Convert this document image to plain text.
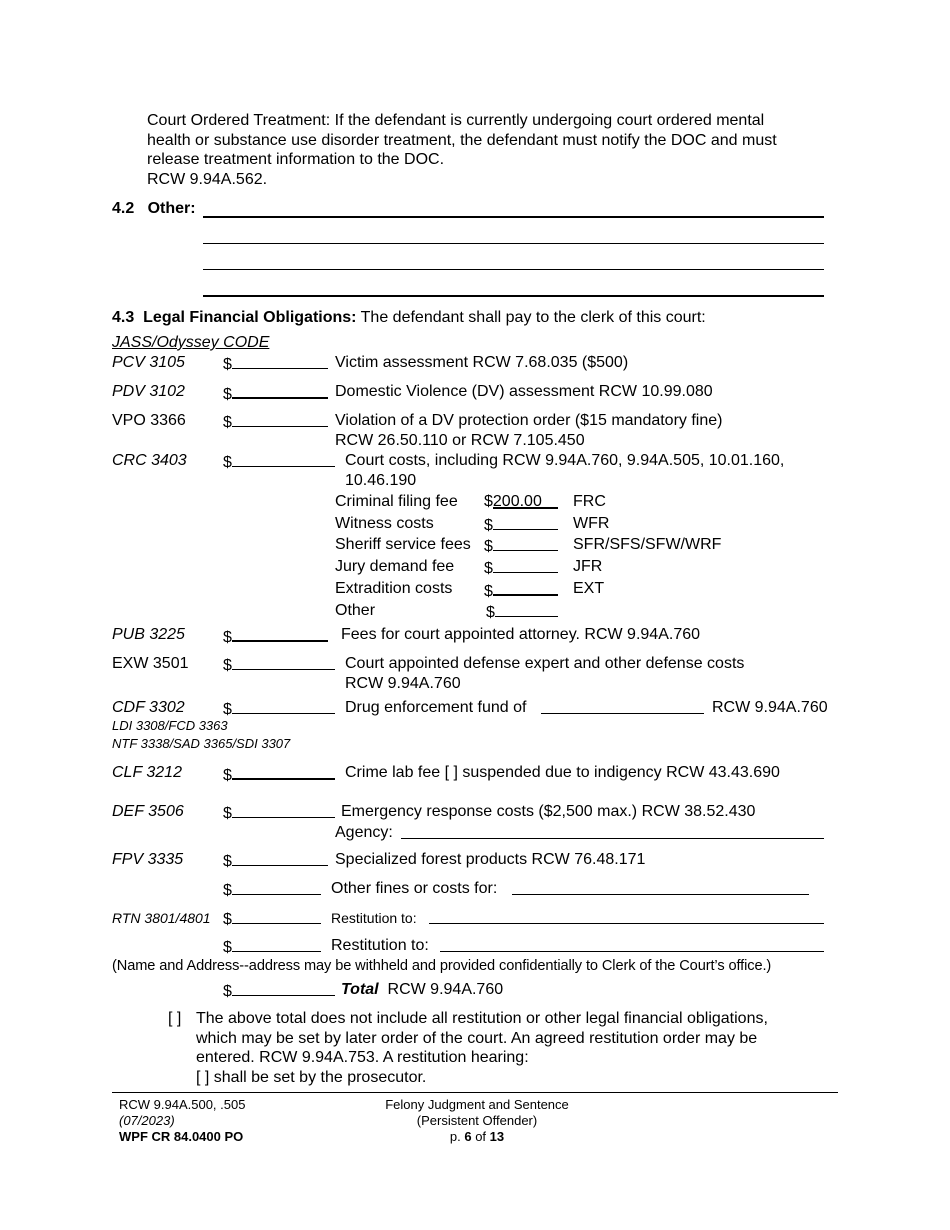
Court Ordered Treatment: If the defendant is currently undergoing court ordered mental
health or substance use disorder treatment, the defendant must notify the DOC and must
release treatment information to the DOC.
RCW 9.94A.562.
4.2 Other:
4.3 Legal Financial Obligations: The defendant shall pay to the clerk of this court:
JASS/Odyssey CODE
PCV 3105 $	Victim assessment RCW 7.68.035 ($500)
PDV 3102 $	Domestic Violence (DV) assessment RCW 10.99.080
VPO 3366 $	Violation of a DV protection order ($15 mandatory fine)
RCW 26.50.110 or RCW 7.105.450
CRC 3403 $	Court costs, including RCW 9.94A.760, 9.94A.505, 10.01.160,
10.46.190
Criminal filing fee $200.00	FRC
Witness costs	$	WFR
Sheriff service fees $	SFR/SFS/SFW/WRF
Jury demand fee $	JFR
Extradition costs $	EXT
Other	$
PUB 3225 $	Fees for court appointed attorney. RCW 9.94A.760
EXW 3501 $	Court appointed defense expert and other defense costs
RCW 9.94A.760
CDF 3302 $	Drug enforcement fund of	RCW 9.94A.760
LDI 3308/FCD 3363
NTF 3338/SAD 3365/SDI 3307
CLF 3212	$	Crime lab fee [ ] suspended due to indigency RCW 43.43.690
DEF 3506 $	Emergency response costs ($2,500 max.) RCW 38.52.430
Agency:
FPV 3335 $	Specialized forest products RCW 76.48.171
$	Other fines or costs for:
RTN 3801/4801 $	Restitution to:
$	Restitution to:
(Name and Address--address may be withheld and provided confidentially to Clerk of the Court’s office.)
$	Total RCW 9.94A.760
[ ] The above total does not include all restitution or other legal financial obligations,
which may be set by later order of the court. An agreed restitution order may be
entered. RCW 9.94A.753. A restitution hearing:
[ ] shall be set by the prosecutor.
RCW 9.94A.500, .505
(07/2023)
WPF CR 84.0400 PO
Felony Judgment and Sentence
(Persistent Offender)
p. 6 of 13
